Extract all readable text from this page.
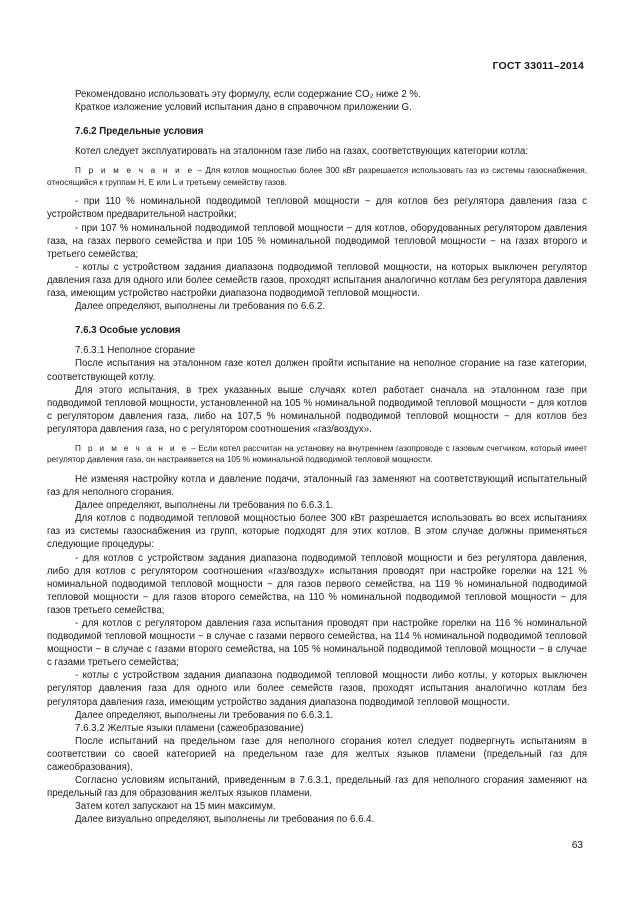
ГОСТ 33011–2014
Рекомендовано использовать эту формулу, если содержание CO₂ ниже 2 %.
Краткое изложение условий испытания дано в справочном приложении G.
7.6.2 Предельные условия
Котел следует эксплуатировать на эталонном газе либо на газах, соответствующих категории котла:
П р и м е ч а н и е – Для котлов мощностью более 300 кВт разрешается использовать газ из системы газоснабжения, относящийся к группам H, E или L и третьему семейству газов.
- при 110 % номинальной подводимой тепловой мощности − для котлов без регулятора давления газа с устройством предварительной настройки;
- при 107 % номинальной подводимой тепловой мощности − для котлов, оборудованных регулятором давления газа, на газах первого семейства и при 105 % номинальной подводимой тепловой мощности − на газах второго и третьего семейства;
- котлы с устройством задания диапазона подводимой тепловой мощности, на которых выключен регулятор давления газа для одного или более семейств газов, проходят испытания аналогично котлам без регулятора давления газа, имеющим устройство настройки диапазона подводимой тепловой мощности.
Далее определяют, выполнены ли требования по 6.6.2.
7.6.3 Особые условия
7.6.3.1 Неполное сгорание
После испытания на эталонном газе котел должен пройти испытание на неполное сгорание на газе категории, соответствующей котлу.
Для этого испытания, в трех указанных выше случаях котел работает сначала на эталонном газе при подводимой тепловой мощности, установленной на 105 % номинальной подводимой тепловой мощности − для котлов с регулятором давления газа, либо на 107,5 % номинальной подводимой тепловой мощности − для котлов без регулятора давления газа, но с регулятором соотношения «газ/воздух».
П р и м е ч а н и е – Если котел рассчитан на установку на внутреннем газопроводе с газовым счетчиком, который имеет регулятор давления газа, он настраивается на 105 % номинальной подводимой тепловой мощности.
Не изменяя настройку котла и давление подачи, эталонный газ заменяют на соответствующий испытательный газ для неполного сгорания.
Далее определяют, выполнены ли требования по 6.6.3.1.
Для котлов с подводимой тепловой мощностью более 300 кВт разрешается использовать во всех испытаниях газ из системы газоснабжения из групп, которые подходят для этих котлов. В этом случае должны применяться следующие процедуры:
- для котлов с устройством задания диапазона подводимой тепловой мощности и без регулятора давления, либо для котлов с регулятором соотношения «газ/воздух» испытания проводят при настройке горелки на 121 % номинальной подводимой тепловой мощности − для газов первого семейства, на 119 % номинальной подводимой тепловой мощности − для газов второго семейства, на 110 % номинальной подводимой тепловой мощности − для газов третьего семейства;
- для котлов с регулятором давления газа испытания проводят при настройке горелки на 116 % номинальной подводимой тепловой мощности − в случае с газами первого семейства, на 114 % номинальной подводимой тепловой мощности − в случае с газами второго семейства, на 105 % номинальной подводимой тепловой мощности − в случае с газами третьего семейства;
- котлы с устройством задания диапазона подводимой тепловой мощности либо котлы, у которых выключен регулятор давления газа для одного или более семейств газов, проходят испытания аналогично котлам без регулятора давления газа, имеющим устройство задания диапазона подводимой тепловой мощности.
Далее определяют, выполнены ли требования по 6.6.3.1.
7.6.3.2 Желтые языки пламени (сажеобразование)
После испытаний на предельном газе для неполного сгорания котел следует подвергнуть испытаниям в соответствии со своей категорией на предельном газе для желтых языков пламени (предельный газ для сажеобразования).
Согласно условиям испытаний, приведенным в 7.6.3.1, предельный газ для неполного сгорания заменяют на предельный газ для образования желтых языков пламени.
Затем котел запускают на 15 мин максимум.
Далее визуально определяют, выполнены ли требования по 6.6.4.
63
